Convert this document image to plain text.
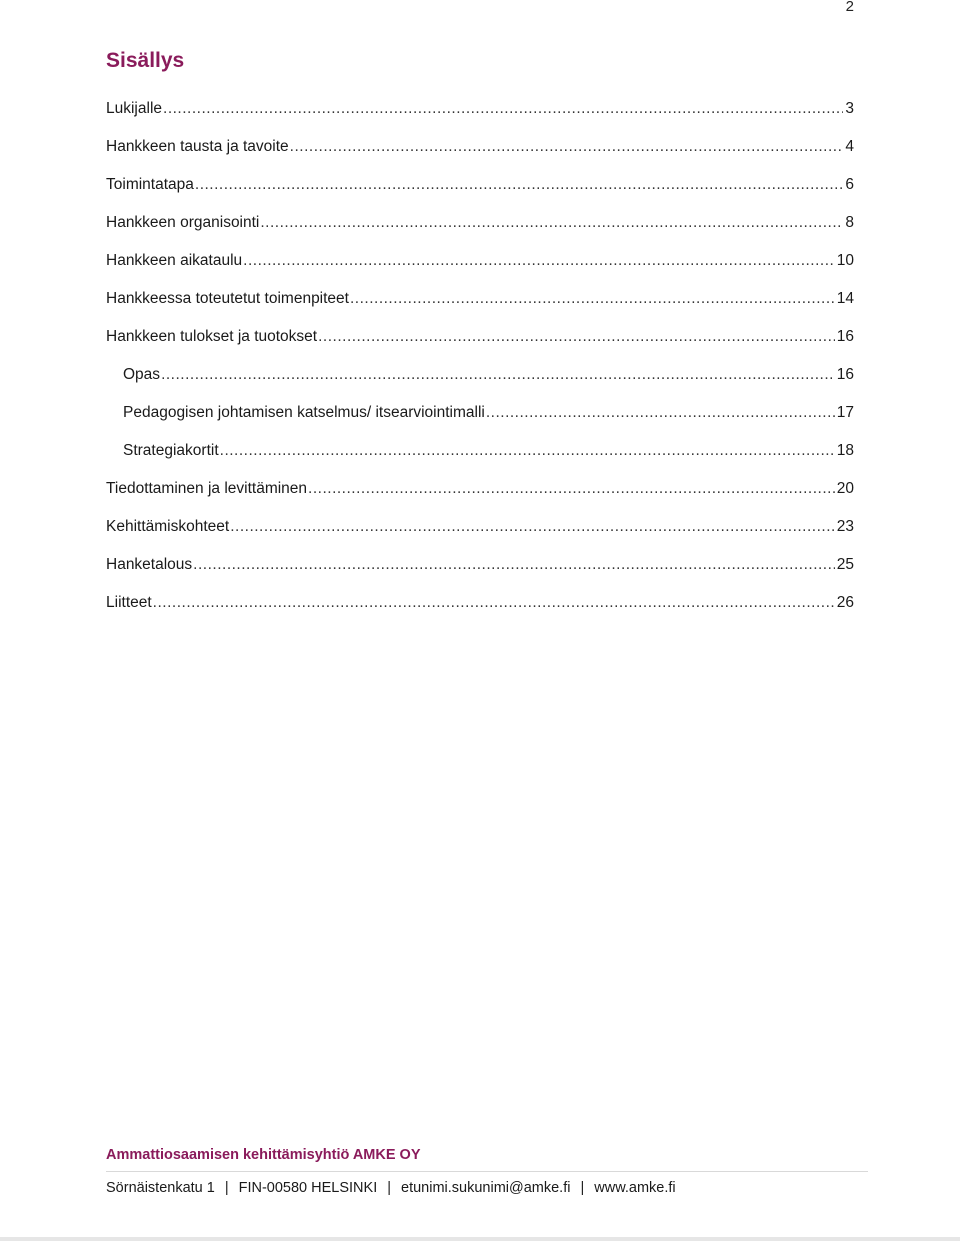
2
Sisällys
Lukijalle .....	3
Hankkeen tausta ja tavoite .....	4
Toimintatapa .....	6
Hankkeen organisointi .....	8
Hankkeen aikataulu .....	10
Hankkeessa toteutetut toimenpiteet .....	14
Hankkeen tulokset ja tuotokset .....	16
Opas .....	16
Pedagogisen johtamisen katselmus/ itsearviointimalli .....	17
Strategiakortit .....	18
Tiedottaminen ja levittäminen .....	20
Kehittämiskohteet .....	23
Hanketalous .....	25
Liitteet .....	26
Ammattiosaamisen kehittämisyhtiö AMKE OY
Sörnäistenkatu 1 | FIN-00580 HELSINKI | etunimi.sukunimi@amke.fi | www.amke.fi
